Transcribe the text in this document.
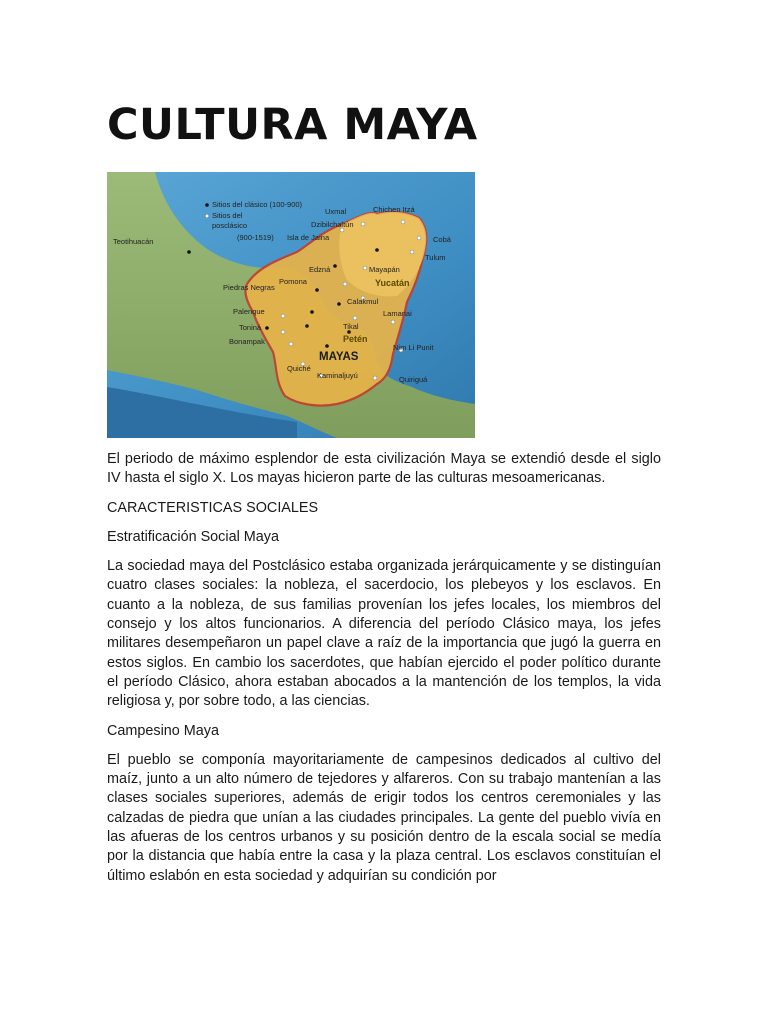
CULTURA MAYA
Sitios del clásico (100-900)
Sitios del
posclásico
(900-1519)
Teotihuacán
Uxmal	Chichen Itzá
Dzibilchaltún
Isla de Jaina	Cobá
Tulum
Edzná	Mayapán
Yucatán
Pomona
Piedras Negras
Calakmul
Lamanai
Palenque
Toniná
Bonampak
Tikal
Petén
MAYAS
Nim Li Punit
Quiché
Kaminaljuyú	Quiriguá

El periodo de máximo esplendor de esta civilización Maya se extendió desde el siglo IV hasta el siglo X. Los mayas hicieron parte de las culturas mesoamericanas.

CARACTERISTICAS SOCIALES

Estratificación Social Maya

La sociedad maya del Postclásico estaba organizada jerárquicamente y se distinguían cuatro clases sociales: la nobleza, el sacerdocio, los plebeyos y los esclavos. En cuanto a la nobleza, de sus familias provenían los jefes locales, los miembros del consejo y los altos funcionarios. A diferencia del período Clásico maya, los jefes militares desempeñaron un papel clave a raíz de la importancia que jugó la guerra en estos siglos. En cambio los sacerdotes, que habían ejercido el poder político durante el período Clásico, ahora estaban abocados a la mantención de los templos, la vida religiosa y, por sobre todo, a las ciencias.

Campesino Maya

El pueblo se componía mayoritariamente de campesinos dedicados al cultivo del maíz, junto a un alto número de tejedores y alfareros. Con su trabajo mantenían a las clases sociales superiores, además de erigir todos los centros ceremoniales y las calzadas de piedra que unían a las ciudades principales. La gente del pueblo vivía en las afueras de los centros urbanos y su posición dentro de la escala social se medía por la distancia que había entre la casa y la plaza central. Los esclavos constituían el último eslabón en esta sociedad y adquirían su condición por
